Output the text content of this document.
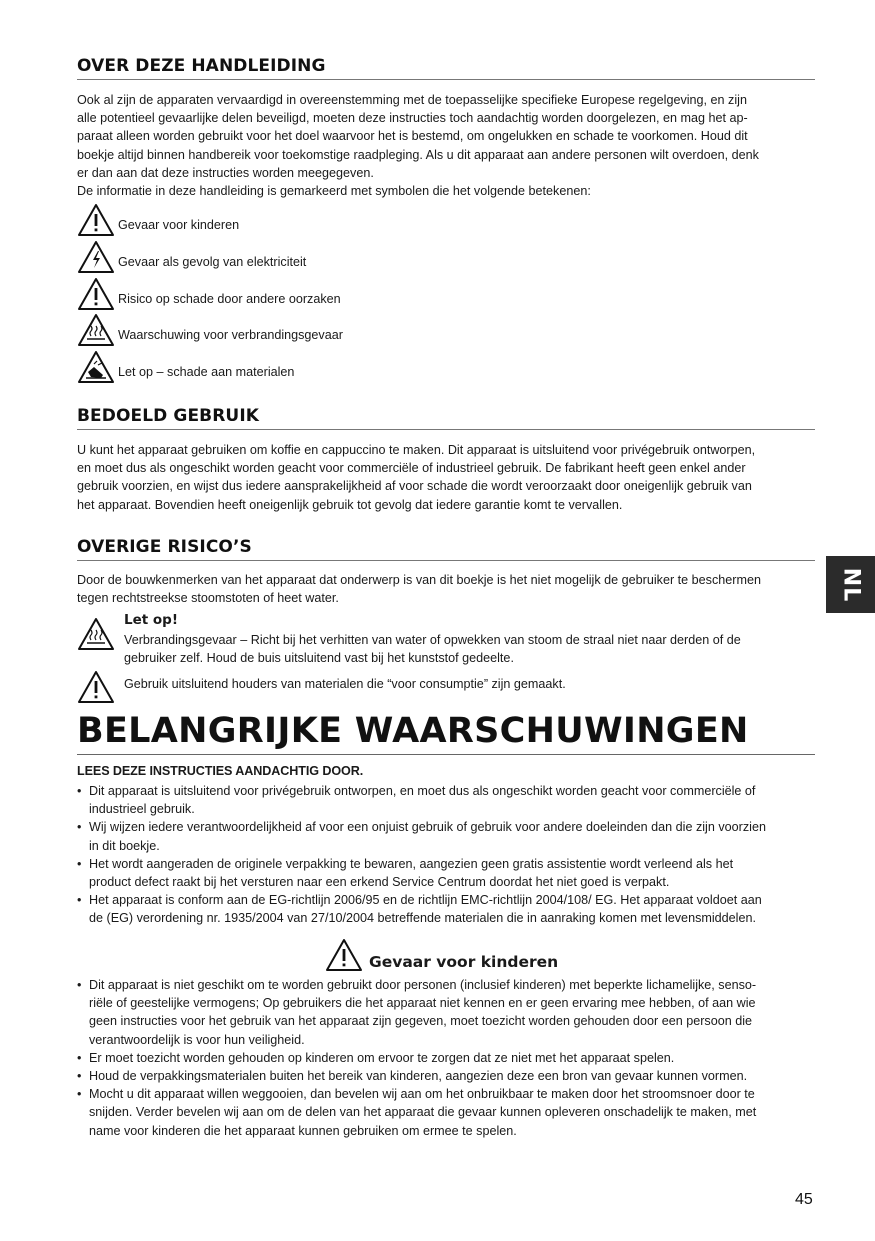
OVER DEZE HANDLEIDING
Ook al zijn de apparaten vervaardigd in overeenstemming met de toepasselijke specifieke Europese regelgeving, en zijn
alle potentieel gevaarlijke delen beveiligd, moeten deze instructies toch aandachtig worden doorgelezen, en mag het ap-
paraat alleen worden gebruikt voor het doel waarvoor het is bestemd, om ongelukken en schade te voorkomen. Houd dit
boekje altijd binnen handbereik voor toekomstige raadpleging. Als u dit apparaat aan andere personen wilt overdoen, denk
er dan aan dat deze instructies worden meegegeven.
De informatie in deze handleiding is gemarkeerd met symbolen die het volgende betekenen:
Gevaar voor kinderen
Gevaar als gevolg van elektriciteit
Risico op schade door andere oorzaken
Waarschuwing voor verbrandingsgevaar
Let op – schade aan materialen
BEDOELD GEBRUIK
U kunt het apparaat gebruiken om koffie en cappuccino te maken. Dit apparaat is uitsluitend voor privégebruik ontworpen,
en moet dus als ongeschikt worden geacht voor commerciële of industrieel gebruik. De fabrikant heeft geen enkel ander
gebruik voorzien, en wijst dus iedere aansprakelijkheid af voor schade die wordt veroorzaakt door oneigenlijk gebruik van
het apparaat. Bovendien heeft oneigenlijk gebruik tot gevolg dat iedere garantie komt te vervallen.
OVERIGE RISICO’S
Door de bouwkenmerken van het apparaat dat onderwerp is van dit boekje is het niet mogelijk de gebruiker te beschermen
tegen rechtstreekse stoomstoten of heet water.
Let op!
Verbrandingsgevaar – Richt bij het verhitten van water of opwekken van stoom de straal niet naar derden of de
gebruiker zelf. Houd de buis uitsluitend vast bij het kunststof gedeelte.
Gebruik uitsluitend houders van materialen die “voor consumptie” zijn gemaakt.
BELANGRIJKE WAARSCHUWINGEN
LEES DEZE INSTRUCTIES AANDACHTIG DOOR.
• Dit apparaat is uitsluitend voor privégebruik ontworpen, en moet dus als ongeschikt worden geacht voor commerciële of
industrieel gebruik.
• Wij wijzen iedere verantwoordelijkheid af voor een onjuist gebruik of gebruik voor andere doeleinden dan die zijn voorzien
in dit boekje.
• Het wordt aangeraden de originele verpakking te bewaren, aangezien geen gratis assistentie wordt verleend als het
product defect raakt bij het versturen naar een erkend Service Centrum doordat het niet goed is verpakt.
• Het apparaat is conform aan de EG-richtlijn 2006/95 en de richtlijn EMC-richtlijn 2004/108/ EG. Het apparaat voldoet aan
de (EG) verordening nr. 1935/2004 van 27/10/2004 betreffende materialen die in aanraking komen met levensmiddelen.
Gevaar voor kinderen
• Dit apparaat is niet geschikt om te worden gebruikt door personen (inclusief kinderen) met beperkte lichamelijke, senso-
riële of geestelijke vermogens; Op gebruikers die het apparaat niet kennen en er geen ervaring mee hebben, of aan wie
geen instructies voor het gebruik van het apparaat zijn gegeven, moet toezicht worden gehouden door een persoon die
verantwoordelijk is voor hun veiligheid.
• Er moet toezicht worden gehouden op kinderen om ervoor te zorgen dat ze niet met het apparaat spelen.
• Houd de verpakkingsmaterialen buiten het bereik van kinderen, aangezien deze een bron van gevaar kunnen vormen.
• Mocht u dit apparaat willen weggooien, dan bevelen wij aan om het onbruikbaar te maken door het stroomsnoer door te
snijden. Verder bevelen wij aan om de delen van het apparaat die gevaar kunnen opleveren onschadelijk te maken, met
name voor kinderen die het apparaat kunnen gebruiken om ermee te spelen.
NL
45
